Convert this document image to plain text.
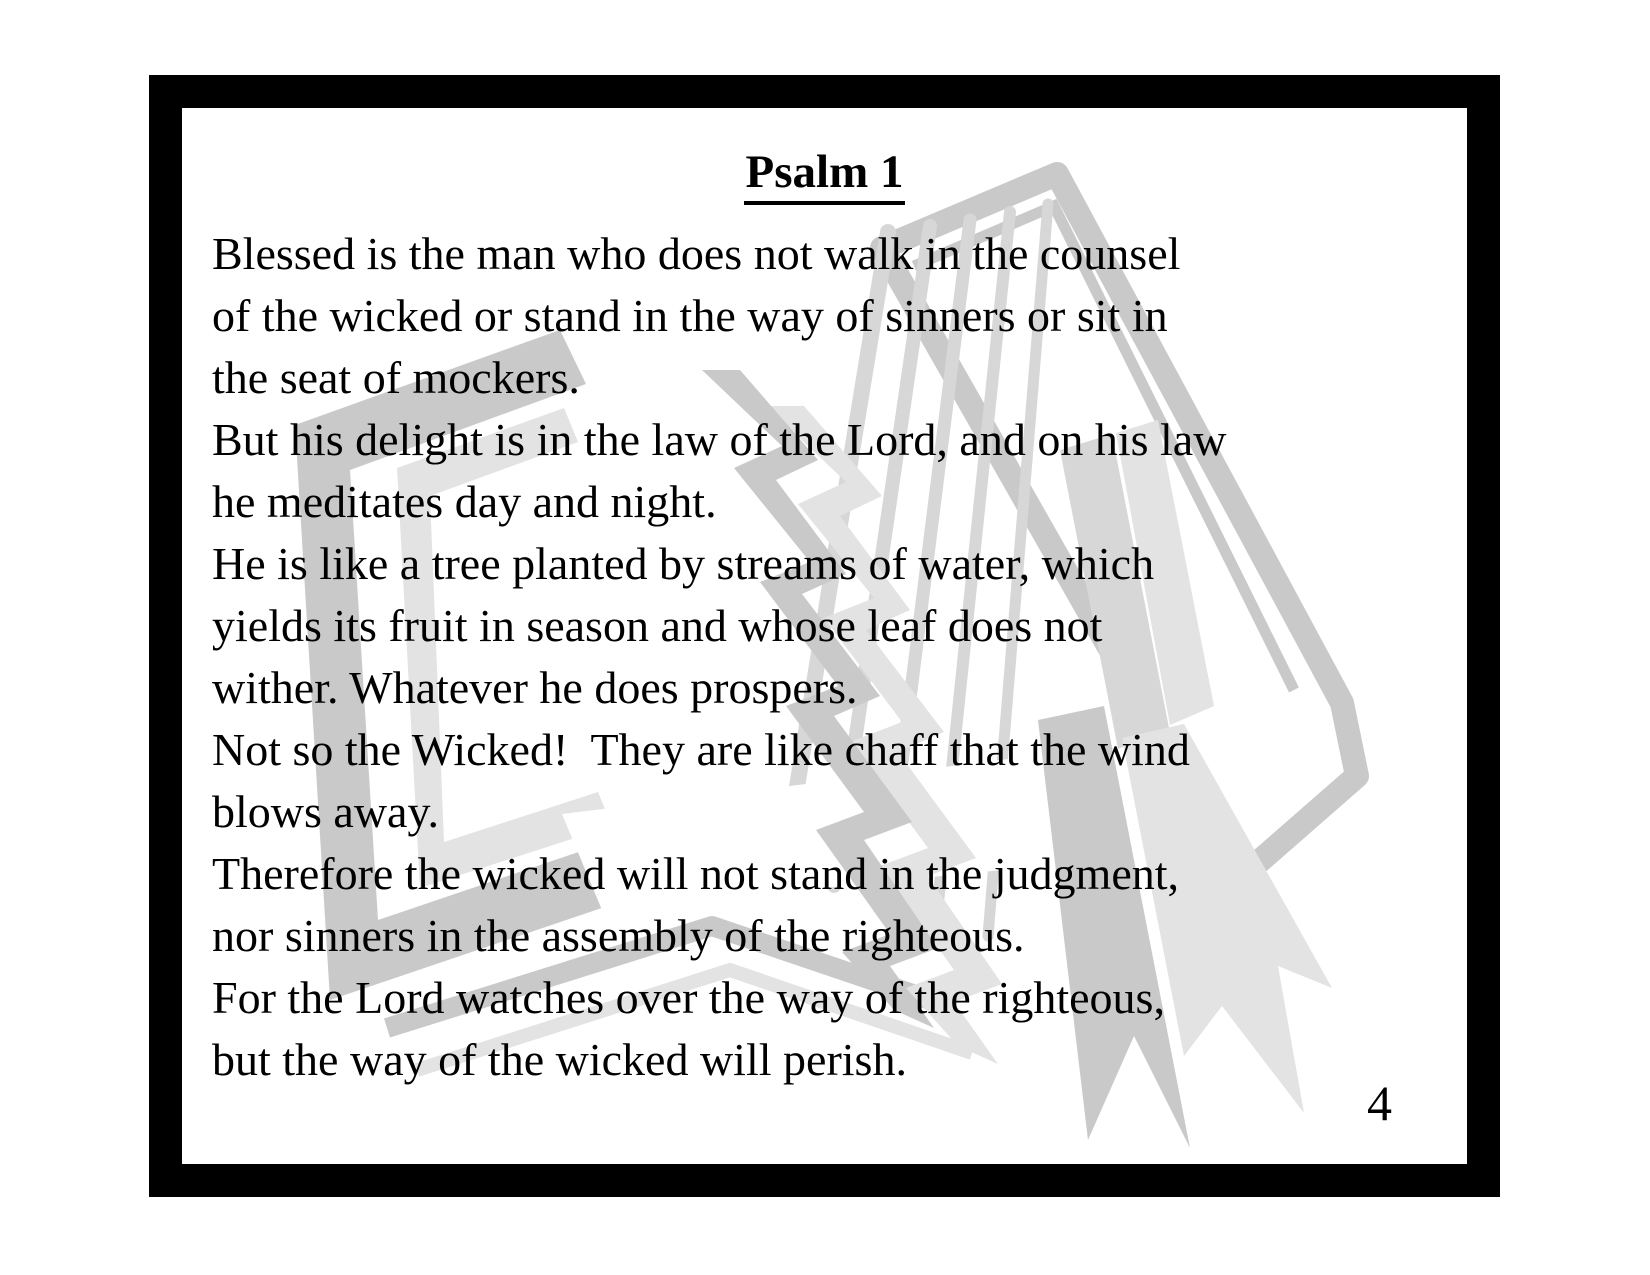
Psalm 1
Blessed is the man who does not walk in the counsel
of the wicked or stand in the way of sinners or sit in
the seat of mockers.
But his delight is in the law of the Lord, and on his law
he meditates day and night.
He is like a tree planted by streams of water, which
yields its fruit in season and whose leaf does not
wither. Whatever he does prospers.
Not so the Wicked!  They are like chaff that the wind
blows away.
Therefore the wicked will not stand in the judgment,
nor sinners in the assembly of the righteous.
For the Lord watches over the way of the righteous,
but the way of the wicked will perish.
4
